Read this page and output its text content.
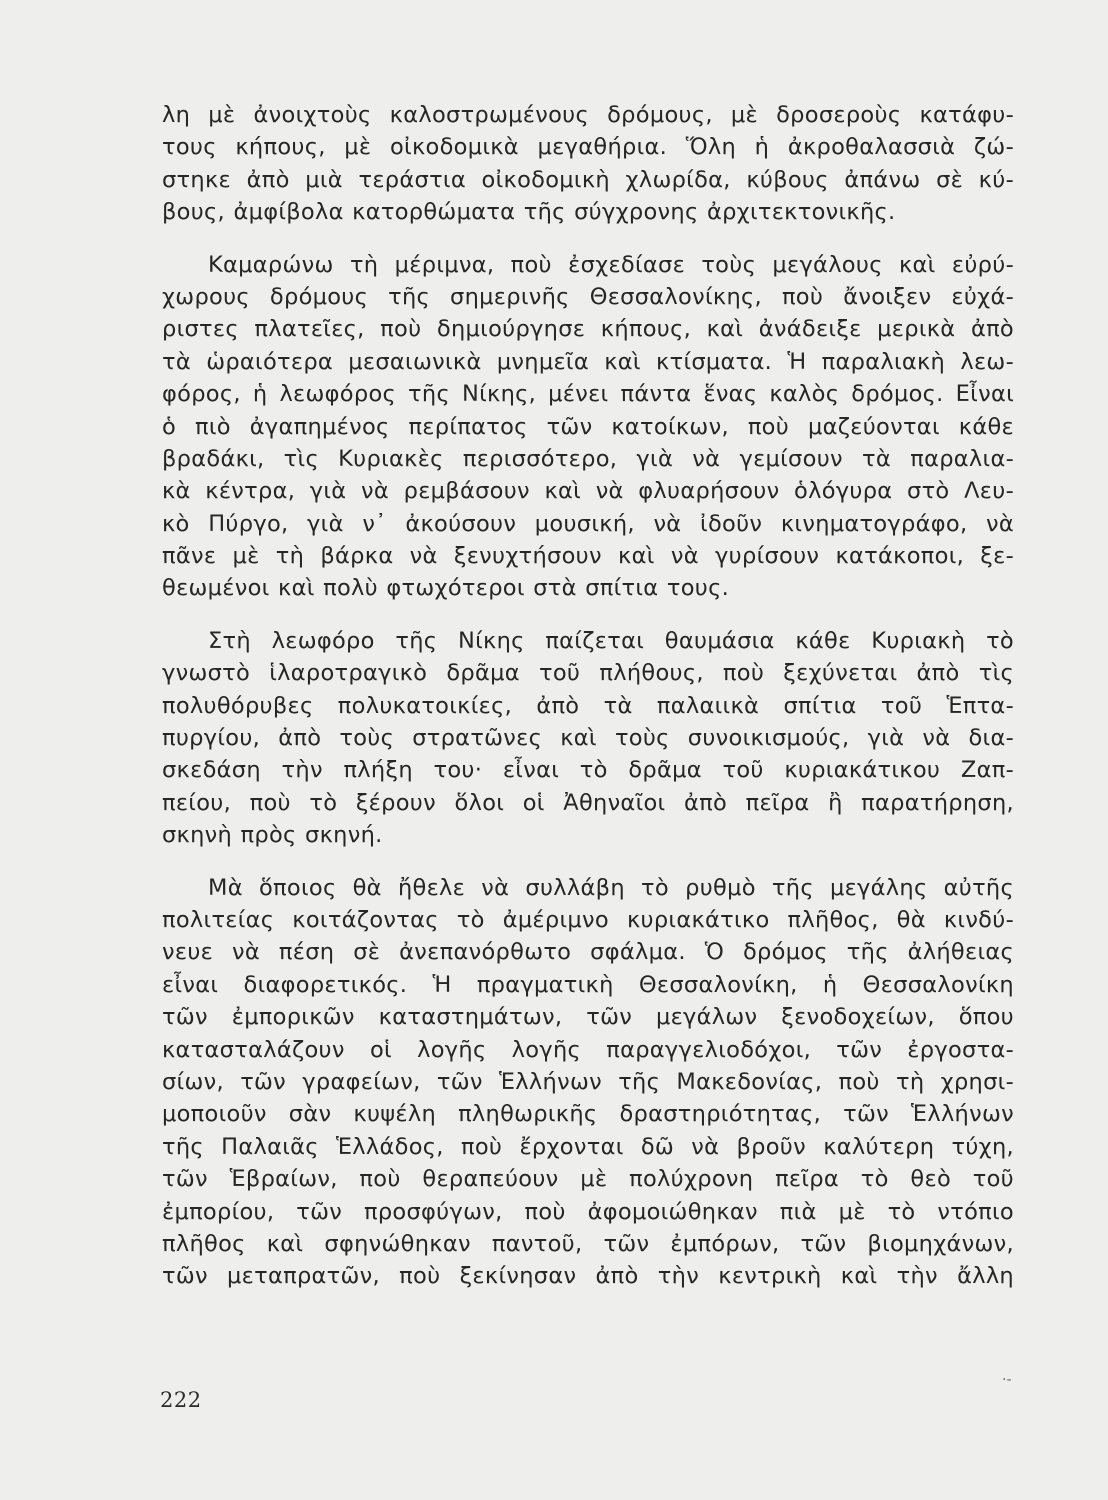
λη μὲ ἀνοιχτοὺς καλοστρωμένους δρόμους, μὲ δροσεροὺς κατάφυ-
τους κήπους, μὲ οἰκοδομικὰ μεγαθήρια. Ὅλη ἡ ἀκροθαλασσιὰ ζώ-
στηκε ἀπὸ μιὰ τεράστια οἰκοδομικὴ χλωρίδα, κύβους ἀπάνω σὲ κύ-
βους, ἀμφίβολα κατορθώματα τῆς σύγχρονης ἀρχιτεκτονικῆς.
Καμαρώνω τὴ μέριμνα, ποὺ ἐσχεδίασε τοὺς μεγάλους καὶ εὐρύ-
χωρους δρόμους τῆς σημερινῆς Θεσσαλονίκης, ποὺ ἄνοιξεν εὐχά-
ριστες πλατεῖες, ποὺ δημιούργησε κήπους, καὶ ἀνάδειξε μερικὰ ἀπὸ
τὰ ὡραιότερα μεσαιωνικὰ μνημεῖα καὶ κτίσματα. Ἡ παραλιακὴ λεω-
φόρος, ἡ λεωφόρος τῆς Νίκης, μένει πάντα ἕνας καλὸς δρόμος. Εἶναι
ὁ πιὸ ἀγαπημένος περίπατος τῶν κατοίκων, ποὺ μαζεύονται κάθε
βραδάκι, τὶς Κυριακὲς περισσότερο, γιὰ νὰ γεμίσουν τὰ παραλια-
κὰ κέντρα, γιὰ νὰ ρεμβάσουν καὶ νὰ φλυαρήσουν ὁλόγυρα στὸ Λευ-
κὸ Πύργο, γιὰ ν᾽ ἀκούσουν μουσική, νὰ ἰδοῦν κινηματογράφο, νὰ
πᾶνε μὲ τὴ βάρκα νὰ ξενυχτήσουν καὶ νὰ γυρίσουν κατάκοποι, ξε-
θεωμένοι καὶ πολὺ φτωχότεροι στὰ σπίτια τους.
Στὴ λεωφόρο τῆς Νίκης παίζεται θαυμάσια κάθε Κυριακὴ τὸ
γνωστὸ ἱλαροτραγικὸ δρᾶμα τοῦ πλήθους, ποὺ ξεχύνεται ἀπὸ τὶς
πολυθόρυβες πολυκατοικίες, ἀπὸ τὰ παλαιικὰ σπίτια τοῦ Ἑπτα-
πυργίου, ἀπὸ τοὺς στρατῶνες καὶ τοὺς συνοικισμούς, γιὰ νὰ δια-
σκεδάση τὴν πλήξη του· εἶναι τὸ δρᾶμα τοῦ κυριακάτικου Ζαπ-
πείου, ποὺ τὸ ξέρουν ὅλοι οἱ Ἀθηναῖοι ἀπὸ πεῖρα ἢ παρατήρηση,
σκηνὴ πρὸς σκηνή.
Μὰ ὅποιος θὰ ἤθελε νὰ συλλάβη τὸ ρυθμὸ τῆς μεγάλης αὐτῆς
πολιτείας κοιτάζοντας τὸ ἀμέριμνο κυριακάτικο πλῆθος, θὰ κινδύ-
νευε νὰ πέση σὲ ἀνεπανόρθωτο σφάλμα. Ὁ δρόμος τῆς ἀλήθειας
εἶναι διαφορετικός. Ἡ πραγματικὴ Θεσσαλονίκη, ἡ Θεσσαλονίκη
τῶν ἐμπορικῶν καταστημάτων, τῶν μεγάλων ξενοδοχείων, ὅπου
κατασταλάζουν οἱ λογῆς λογῆς παραγγελιοδόχοι, τῶν ἐργοστα-
σίων, τῶν γραφείων, τῶν Ἑλλήνων τῆς Μακεδονίας, ποὺ τὴ χρησι-
μοποιοῦν σὰν κυψέλη πληθωρικῆς δραστηριότητας, τῶν Ἑλλήνων
τῆς Παλαιᾶς Ἑλλάδος, ποὺ ἔρχονται δῶ νὰ βροῦν καλύτερη τύχη,
τῶν Ἑβραίων, ποὺ θεραπεύουν μὲ πολύχρονη πεῖρα τὸ θεὸ τοῦ
ἐμπορίου, τῶν προσφύγων, ποὺ ἀφομοιώθηκαν πιὰ μὲ τὸ ντόπιο
πλῆθος καὶ σφηνώθηκαν παντοῦ, τῶν ἐμπόρων, τῶν βιομηχάνων,
τῶν μεταπρατῶν, ποὺ ξεκίνησαν ἀπὸ τὴν κεντρικὴ καὶ τὴν ἄλλη
·-
222
